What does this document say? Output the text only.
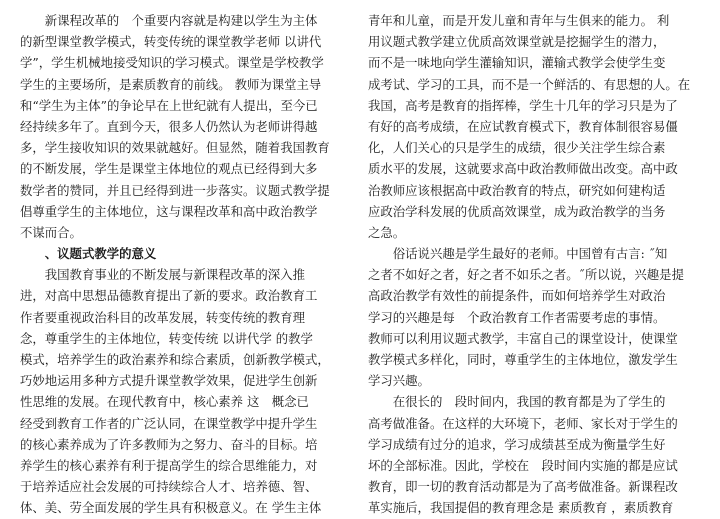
　　新课程改革的　个重要内容就是构建以学生为主体
的新型课堂教学模式，转变传统的课堂教学老师 以讲代
学”，学生机械地接受知识的学习模式。课堂是学校教学
学生的主要场所，是素质教育的前线。 教师为课堂主导
和“学生为主体”的争论早在上世纪就有人提出，至今已
经持续多年了。直到今天，很多人仍然认为老师讲得越
多，学生接收知识的效果就越好。但显然，随着我国教育
的不断发展，学生是课堂主体地位的观点已经得到大多
数学者的赞同，并且已经得到进一步落实。议题式教学提
倡尊重学生的主体地位，这与课程改革和高中政治教学
不谋而合。
　　、议题式教学的意义
　　我国教育事业的不断发展与新课程改革的深入推
进，对高中思想品德教育提出了新的要求。政治教育工
作者要重视政治科目的改革发展，转变传统的教育理
念，尊重学生的主体地位，转变传统 以讲代学 的教学
模式，培养学生的政治素养和综合素质，创新教学模式，
巧妙地运用多种方式提升课堂教学效果，促进学生创新
性思维的发展。在现代教育中，核心素养 这　概念已
经受到教育工作者的广泛认同，在课堂教学中提升学生
的核心素养成为了许多教师为之努力、奋斗的目标。培
养学生的核心素养有利于提高学生的综合思维能力，对
于培养适应社会发展的可持续综合人才、培养德、智、
体、美、劳全面发展的学生具有积极意义。在 学生主体
青年和儿童，而是开发儿童和青年与生俱来的能力。 利
用议题式教学建立优质高效课堂就是挖掘学生的潜力，
而不是一味地向学生灌输知识，灌输式教学会使学生变
成考试、学习的工具，而不是一个鲜活的、有思想的人。在
我国，高考是教育的指挥棒，学生十几年的学习只是为了
有好的高考成绩，在应试教育模式下，教育体制很容易僵
化，人们关心的只是学生的成绩，很少关注学生综合素
质水平的发展，这就要求高中政治教师做出改变。高中政
治教师应该根据高中政治教育的特点，研究如何建构适
应政治学科发展的优质高效课堂，成为政治教学的当务
之急。
　　俗话说兴趣是学生最好的老师。中国曾有古言: ˝知
之者不如好之者，好之者不如乐之者。˝所以说，兴趣是提
高政治教学有效性的前提条件，而如何培养学生对政治
学习的兴趣是每　个政治教育工作者需要考虑的事情。
教师可以利用议题式教学，丰富自己的课堂设计，使课堂
教学模式多样化，同时，尊重学生的主体地位，激发学生
学习兴趣。
　　在很长的　段时间内，我国的教育都是为了学生的
高考做准备。在这样的大环境下，老师、家长对于学生的
学习成绩有过分的追求，学习成绩甚至成为衡量学生好
坏的全部标准。因此，学校在　段时间内实施的都是应试
教育，即一切的教育活动都是为了高考做准备。新课程改
革实施后，我国提倡的教育理念是 素质教育 ，素质教育
